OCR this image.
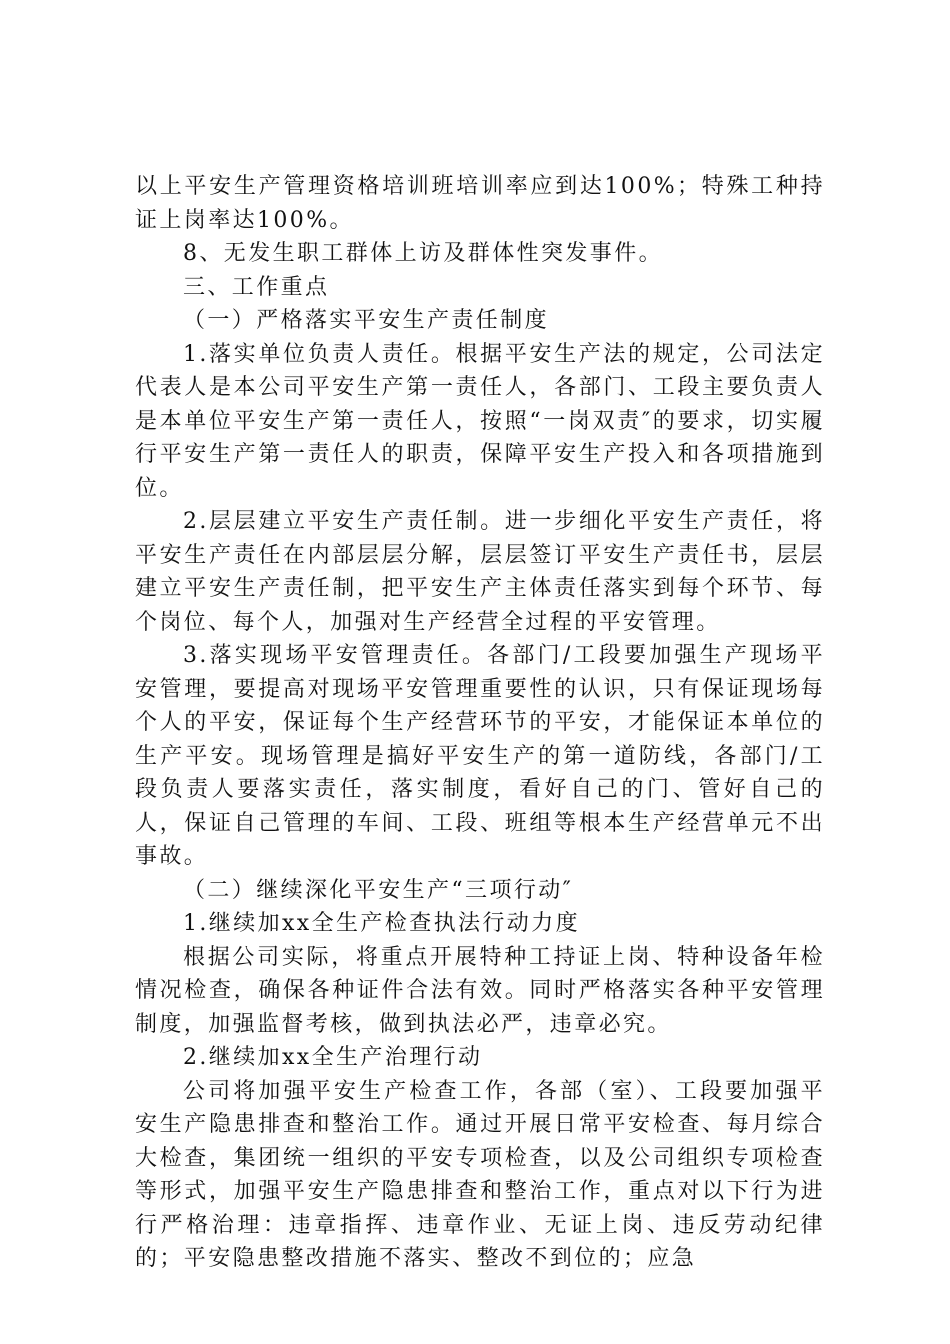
以上平安生产管理资格培训班培训率应到达100%；特殊工种持证上岗率达100%。

8、无发生职工群体上访及群体性突发事件。

三、工作重点

（一）严格落实平安生产责任制度

1.落实单位负责人责任。根据平安生产法的规定，公司法定代表人是本公司平安生产第一责任人，各部门、工段主要负责人是本单位平安生产第一责任人，按照“一岗双责″的要求，切实履行平安生产第一责任人的职责，保障平安生产投入和各项措施到位。

2.层层建立平安生产责任制。进一步细化平安生产责任，将平安生产责任在内部层层分解，层层签订平安生产责任书，层层建立平安生产责任制，把平安生产主体责任落实到每个环节、每个岗位、每个人，加强对生产经营全过程的平安管理。

3.落实现场平安管理责任。各部门/工段要加强生产现场平安管理，要提高对现场平安管理重要性的认识，只有保证现场每个人的平安，保证每个生产经营环节的平安，才能保证本单位的生产平安。现场管理是搞好平安生产的第一道防线，各部门/工段负责人要落实责任，落实制度，看好自己的门、管好自己的人，保证自己管理的车间、工段、班组等根本生产经营单元不出事故。

（二）继续深化平安生产“三项行动″

1.继续加xx全生产检查执法行动力度

根据公司实际，将重点开展特种工持证上岗、特种设备年检情况检查，确保各种证件合法有效。同时严格落实各种平安管理制度，加强监督考核，做到执法必严，违章必究。

2.继续加xx全生产治理行动

公司将加强平安生产检查工作，各部（室）、工段要加强平安生产隐患排查和整治工作。通过开展日常平安检查、每月综合大检查，集团统一组织的平安专项检查，以及公司组织专项检查等形式，加强平安生产隐患排查和整治工作，重点对以下行为进行严格治理：违章指挥、违章作业、无证上岗、违反劳动纪律的；平安隐患整改措施不落实、整改不到位的；应急
